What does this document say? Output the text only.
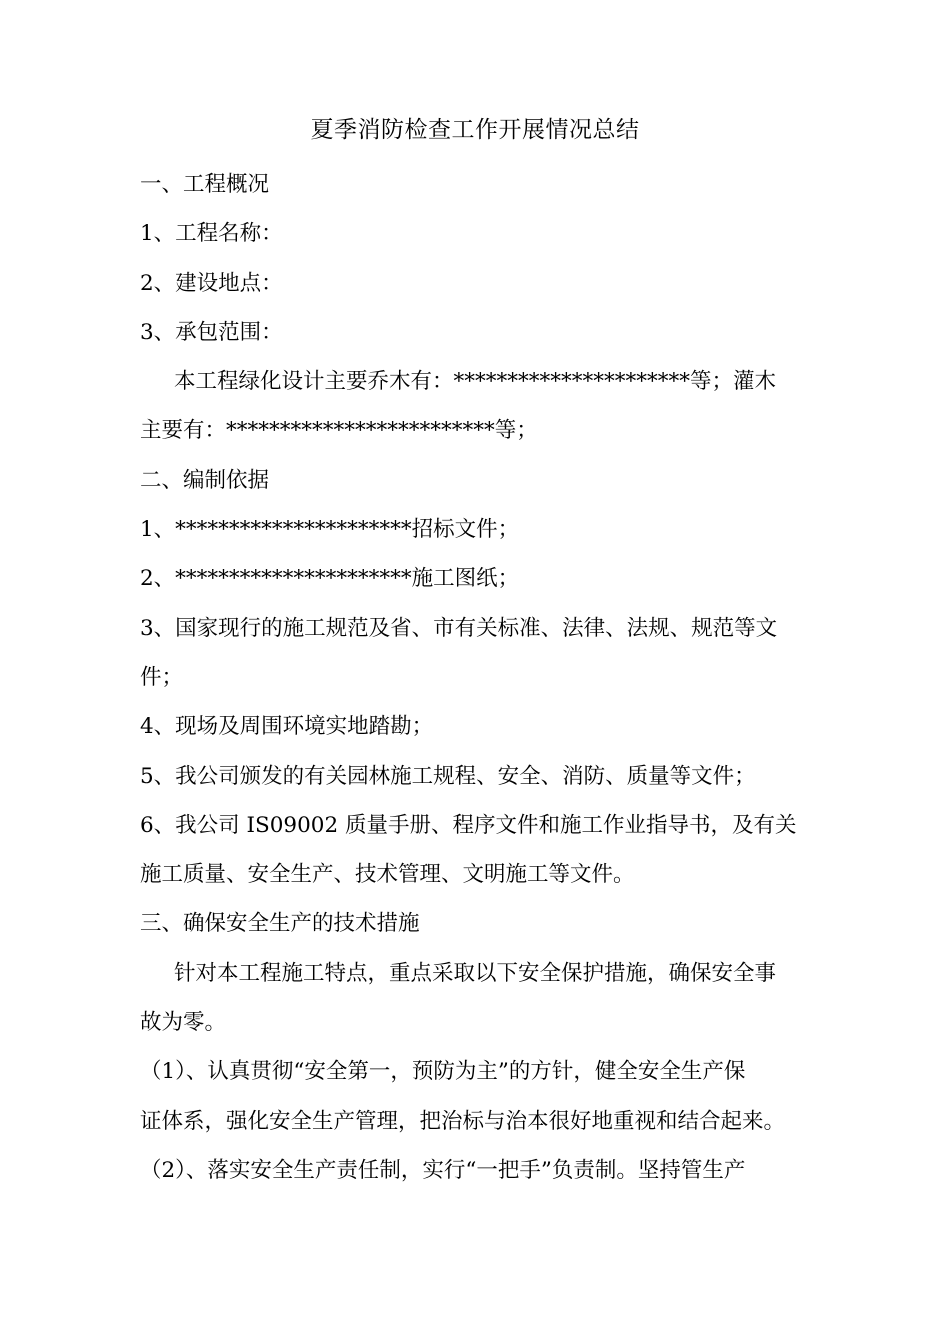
夏季消防检查工作开展情况总结
一、工程概况
1、工程名称：
2、建设地点：
3、承包范围：
本工程绿化设计主要乔木有：**********************等；灌木
主要有：*************************等；
二、编制依据
1、**********************招标文件；
2、**********************施工图纸；
3、国家现行的施工规范及省、市有关标准、法律、法规、规范等文
件；
4、现场及周围环境实地踏勘；
5、我公司颁发的有关园林施工规程、安全、消防、质量等文件；
6、我公司 IS09002 质量手册、程序文件和施工作业指导书，及有关
施工质量、安全生产、技术管理、文明施工等文件。
三、确保安全生产的技术措施
针对本工程施工特点，重点采取以下安全保护措施，确保安全事
故为零。
（1）、认真贯彻“安全第一，预防为主”的方针，健全安全生产保
证体系，强化安全生产管理，把治标与治本很好地重视和结合起来。
（2）、落实安全生产责任制，实行“一把手”负责制。坚持管生产
